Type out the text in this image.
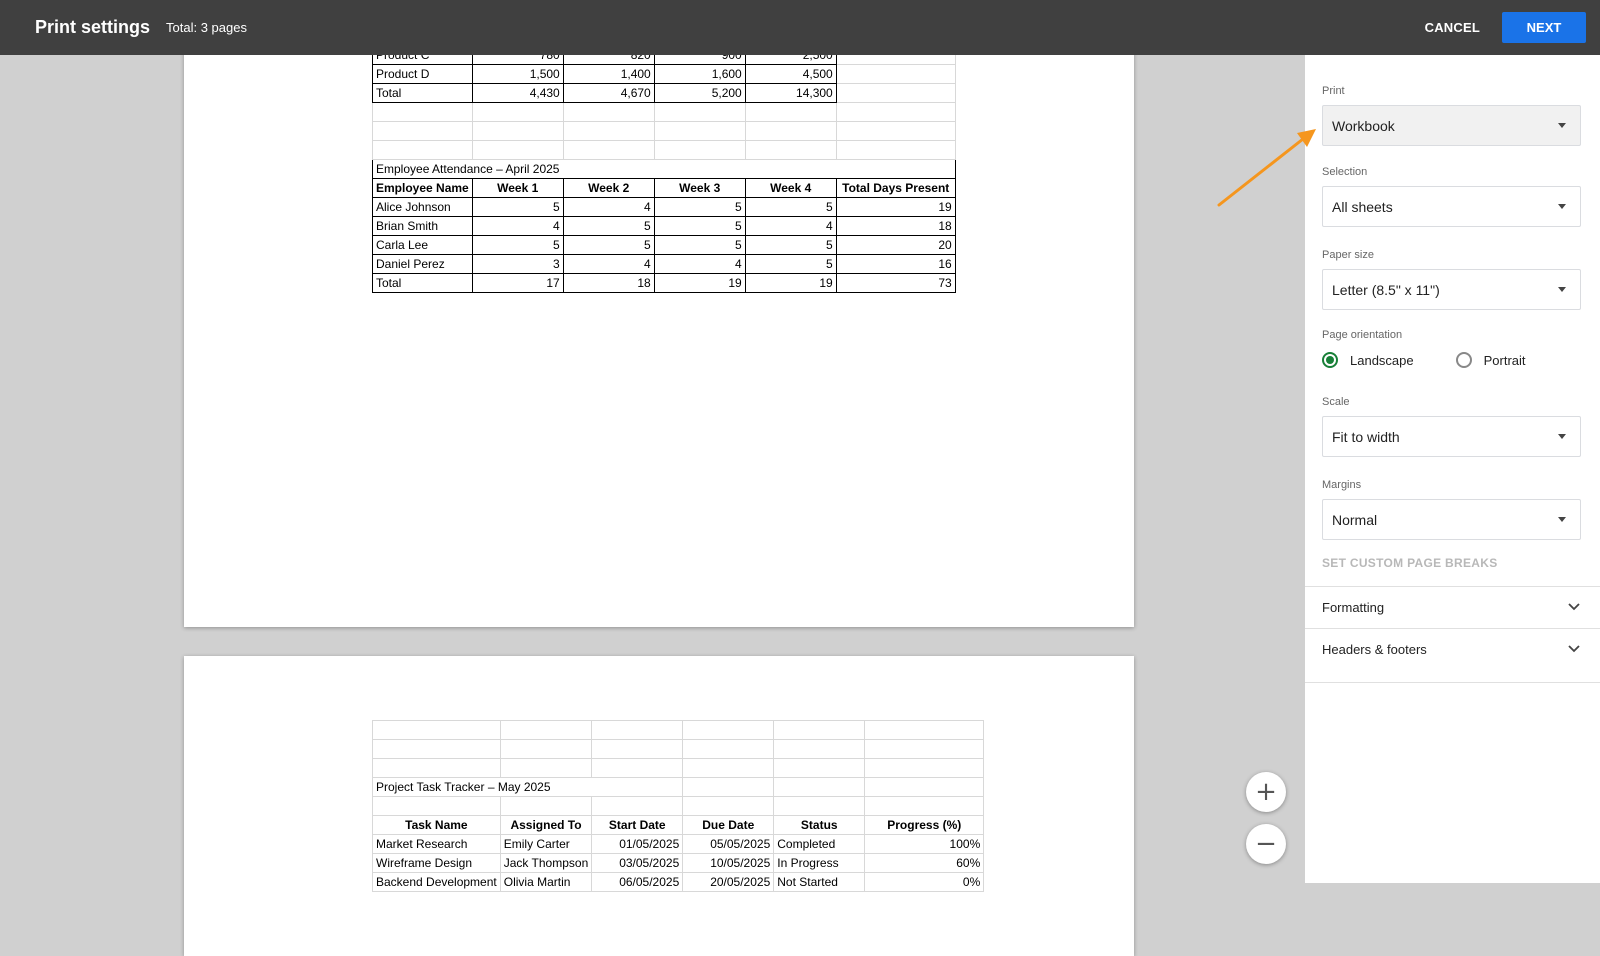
Print settings Total: 3 pages	CANCEL	NEXT

Product D	1,500	1,400	1,600	4,500	
Total	4,430	4,670	5,200	14,300	

Employee Attendance – April 2025					
Employee Name	Week 1	Week 2	Week 3	Week 4	Total Days Present
Alice Johnson	5	4	5	5	19
Brian Smith	4	5	5	4	18
Carla Lee	5	5	5	5	20
Daniel Perez	3	4	4	5	16
Total	17	18	19	19	73

Project Task Tracker – May 2025					

Task Name	Assigned To	Start Date	Due Date	Status	Progress (%)
Market Research	Emily Carter	01/05/2025	05/05/2025	Completed	100%
Wireframe Design	Jack Thompson	03/05/2025	10/05/2025	In Progress	60%
Backend Development	Olivia Martin	06/05/2025	20/05/2025	Not Started	0%
+
−
Print
Workbook
Selection
All sheets
Paper size
Letter (8.5" x 11")
Page orientation
Landscape	Portrait
Scale
Fit to width
Margins
Normal
SET CUSTOM PAGE BREAKS
Formatting
Headers & footers
